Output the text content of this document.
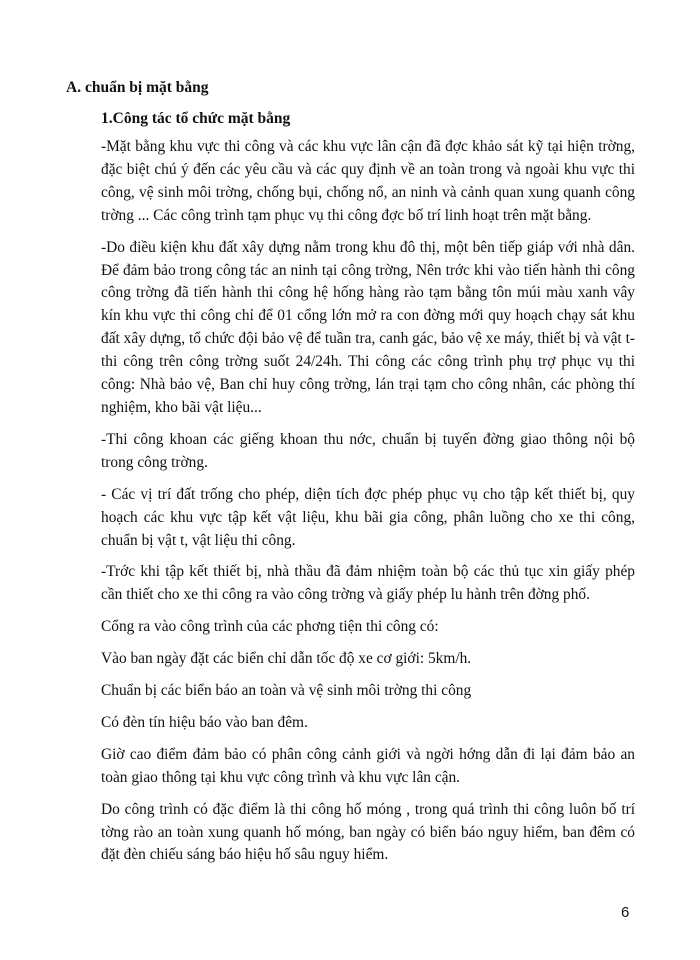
A. chuẩn bị mặt bằng
1.Công tác tổ chức mặt bằng

-Mặt bằng khu vực thi công và các khu vực lân cận đã đợc khảo sát kỹ tại hiện trờng, đặc biệt chú ý đến các yêu cầu và các quy định về an toàn trong và ngoài khu vực thi công, vệ sinh môi trờng, chống bụi, chống nổ, an ninh và cảnh quan xung quanh công trờng ... Các công trình tạm phục vụ thi công đợc bố trí linh hoạt trên mặt bằng.

-Do điều kiện khu đất xây dựng nằm trong khu đô thị, một bên tiếp giáp với nhà dân. Để đảm bảo trong công tác an ninh tại công trờng, Nên trớc khi vào tiến hành thi công công trờng đã tiến hành thi công hệ hống hàng rào tạm bằng tôn múi màu xanh vây kín khu vực thi công chỉ để 01 cổng lớn mở ra con đờng mới quy hoạch chạy sát khu đất xây dựng, tổ chức đội bảo vệ để tuần tra, canh gác, bảo vệ xe máy, thiết bị và vật t thi công trên công trờng suốt 24/24h. Thi công các công trình phụ trợ phục vụ thi công: Nhà bảo vệ, Ban chỉ huy công trờng, lán trại tạm cho công nhân, các phòng thí nghiệm, kho bãi vật liệu...

-Thi công khoan các giếng khoan thu nớc, chuẩn bị tuyến đờng giao thông nội bộ trong công trờng.

- Các vị trí đất trống cho phép, diện tích đợc phép phục vụ cho tập kết thiết bị, quy hoạch các khu vực tập kết vật liệu, khu bãi gia công, phân luồng cho xe thi công, chuẩn bị vật t, vật liệu thi công.

-Trớc khi tập kết thiết bị, nhà thầu đã đảm nhiệm toàn bộ các thủ tục xin giấy phép cần thiết cho xe thi công ra vào công trờng và giấy phép lu hành trên đờng phố.

Cổng ra vào công trình của các phơng tiện thi công có:

Vào ban ngày đặt các biển chỉ dẫn tốc độ xe cơ giới: 5km/h.

Chuẩn bị các biển báo an toàn và vệ sinh môi trờng thi công

Có đèn tín hiệu báo vào ban đêm.

Giờ cao điểm đảm bảo có phân công cảnh giới và ngời hớng dẫn đi lại đảm bảo an toàn giao thông tại khu vực công trình và khu vực lân cận.

Do công trình có đặc điểm là thi công hố móng , trong quá trình thi công luôn bố trí tờng rào an toàn xung quanh hố móng, ban ngày có biển báo nguy hiểm, ban đêm có đặt đèn chiếu sáng báo hiệu hố sâu nguy hiểm.

6
